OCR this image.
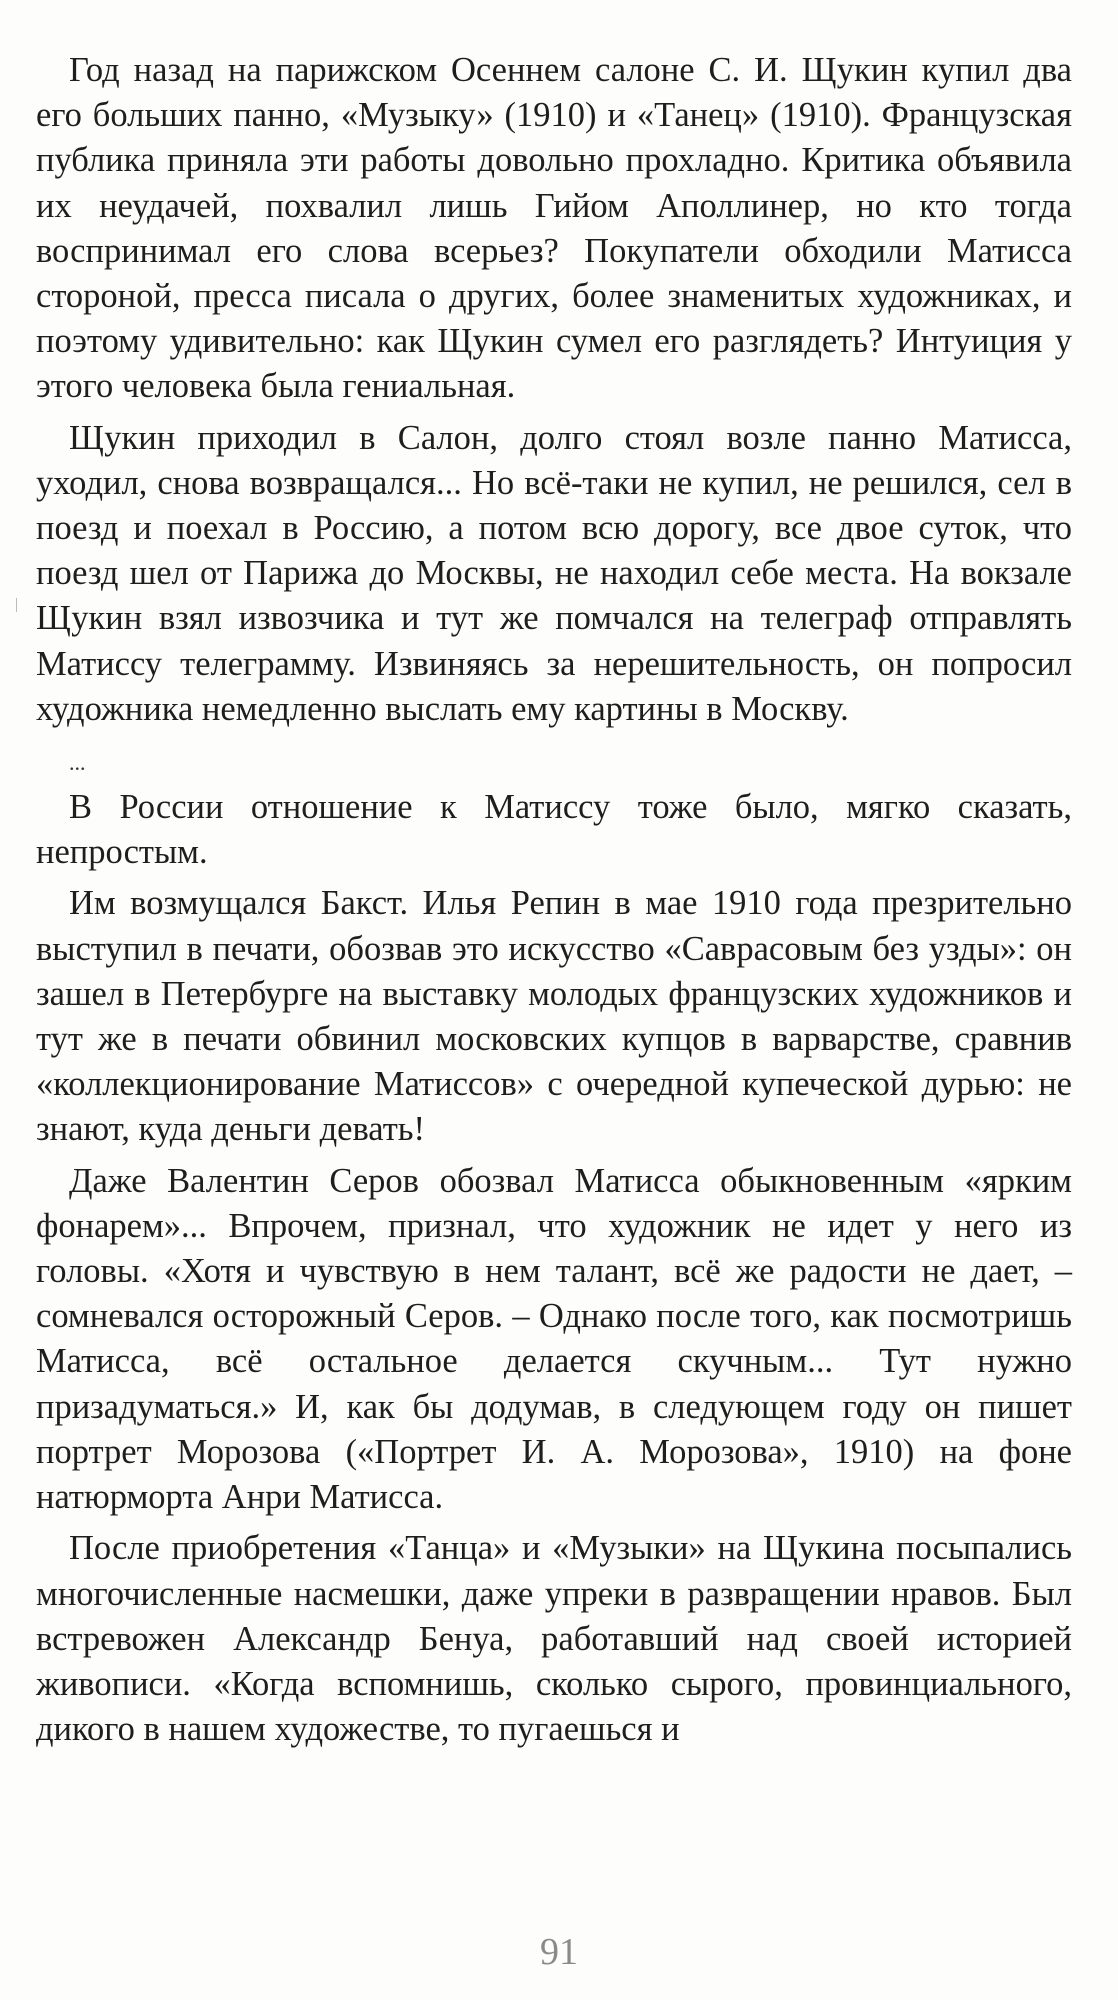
Год назад на парижском Осеннем салоне С. И. Щукин купил два его больших панно, «Музыку» (1910) и «Танец» (1910). Французская публика приняла эти работы довольно прохладно. Критика объявила их неудачей, похвалил лишь Гийом Аполлинер, но кто тогда воспринимал его слова всерьез? Покупатели обходили Матисса стороной, пресса писала о других, более знаменитых художниках, и поэтому удивительно: как Щукин сумел его разглядеть? Интуиция у этого человека была гениальная.

Щукин приходил в Салон, долго стоял возле панно Матисса, уходил, снова возвращался... Но всё-таки не купил, не решился, сел в поезд и поехал в Россию, а потом всю дорогу, все двое суток, что поезд шел от Парижа до Москвы, не находил себе места. На вокзале Щукин взял извозчика и тут же помчался на телеграф отправлять Матиссу телеграмму. Извиняясь за нерешительность, он попросил художника немедленно выслать ему картины в Москву.

...

В России отношение к Матиссу тоже было, мягко сказать, непростым.

Им возмущался Бакст. Илья Репин в мае 1910 года презрительно выступил в печати, обозвав это искусство «Саврасовым без узды»: он зашел в Петербурге на выставку молодых французских художников и тут же в печати обвинил московских купцов в варварстве, сравнив «коллекционирование Матиссов» с очередной купеческой дурью: не знают, куда деньги девать!

Даже Валентин Серов обозвал Матисса обыкновенным «ярким фонарем»... Впрочем, признал, что художник не идет у него из головы. «Хотя и чувствую в нем талант, всё же радости не дает, – сомневался осторожный Серов. – Однако после того, как посмотришь Матисса, всё остальное делается скучным... Тут нужно призадуматься.» И, как бы додумав, в следующем году он пишет портрет Морозова («Портрет И. А. Морозова», 1910) на фоне натюрморта Анри Матисса.

После приобретения «Танца» и «Музыки» на Щукина посыпались многочисленные насмешки, даже упреки в развращении нравов. Был встревожен Александр Бенуа, работавший над своей историей живописи. «Когда вспомнишь, сколько сырого, провинциального, дикого в нашем художестве, то пугаешься и

91
